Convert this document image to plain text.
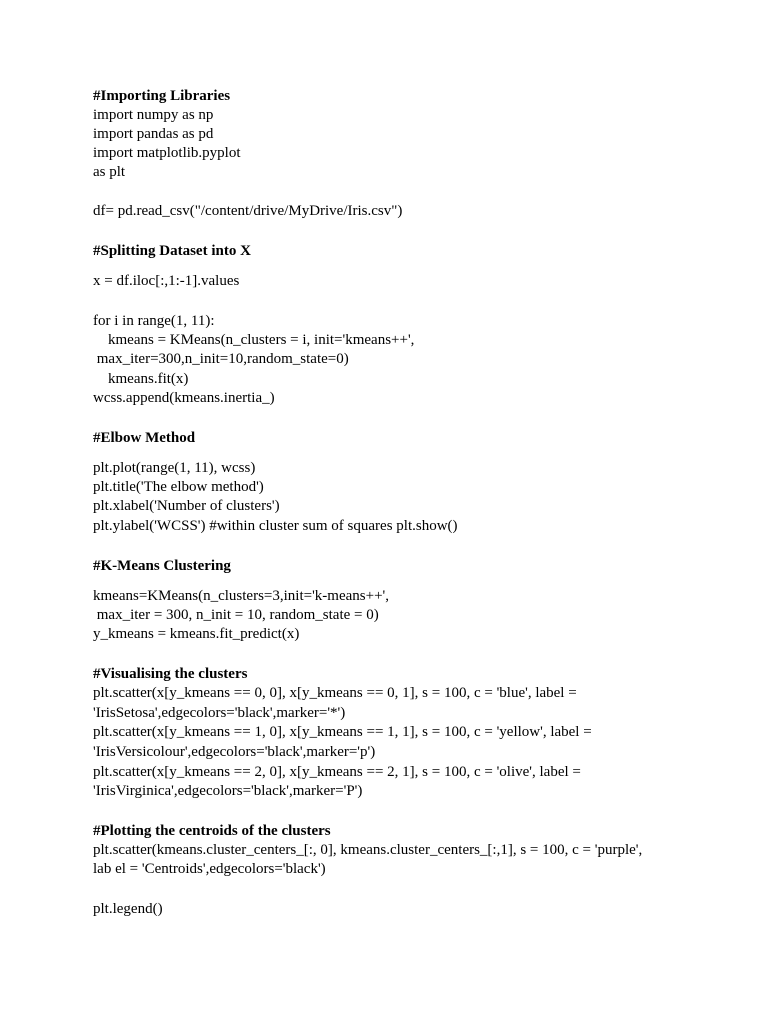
#Importing Libraries

import numpy as np

import pandas as pd

import matplotlib.pyplot

as plt

df= pd.read_csv("/content/drive/MyDrive/Iris.csv")

#Splitting Dataset into X

x = df.iloc[:,1:-1].values

for i in range(1, 11):

kmeans = KMeans(n_clusters = i, init='kmeans++',

max_iter=300,n_init=10,random_state=0)

kmeans.fit(x)

wcss.append(kmeans.inertia_)

#Elbow Method

plt.plot(range(1, 11), wcss)

plt.title('The elbow method')

plt.xlabel('Number of clusters')

plt.ylabel('WCSS') #within cluster sum of squares plt.show()

#K-Means Clustering

kmeans=KMeans(n_clusters=3,init='k-means++',

max_iter = 300, n_init = 10, random_state = 0)

y_kmeans = kmeans.fit_predict(x)

#Visualising the clusters

plt.scatter(x[y_kmeans == 0, 0], x[y_kmeans == 0, 1], s = 100, c = 'blue', label =

'IrisSetosa',edgecolors='black',marker='*')

plt.scatter(x[y_kmeans == 1, 0], x[y_kmeans == 1, 1], s = 100, c = 'yellow', label =

'IrisVersicolour',edgecolors='black',marker='p')

plt.scatter(x[y_kmeans == 2, 0], x[y_kmeans == 2, 1], s = 100, c = 'olive', label =

'IrisVirginica',edgecolors='black',marker='P')

#Plotting the centroids of the clusters

plt.scatter(kmeans.cluster_centers_[:, 0], kmeans.cluster_centers_[:,1], s = 100, c = 'purple',

lab el = 'Centroids',edgecolors='black')

plt.legend()
